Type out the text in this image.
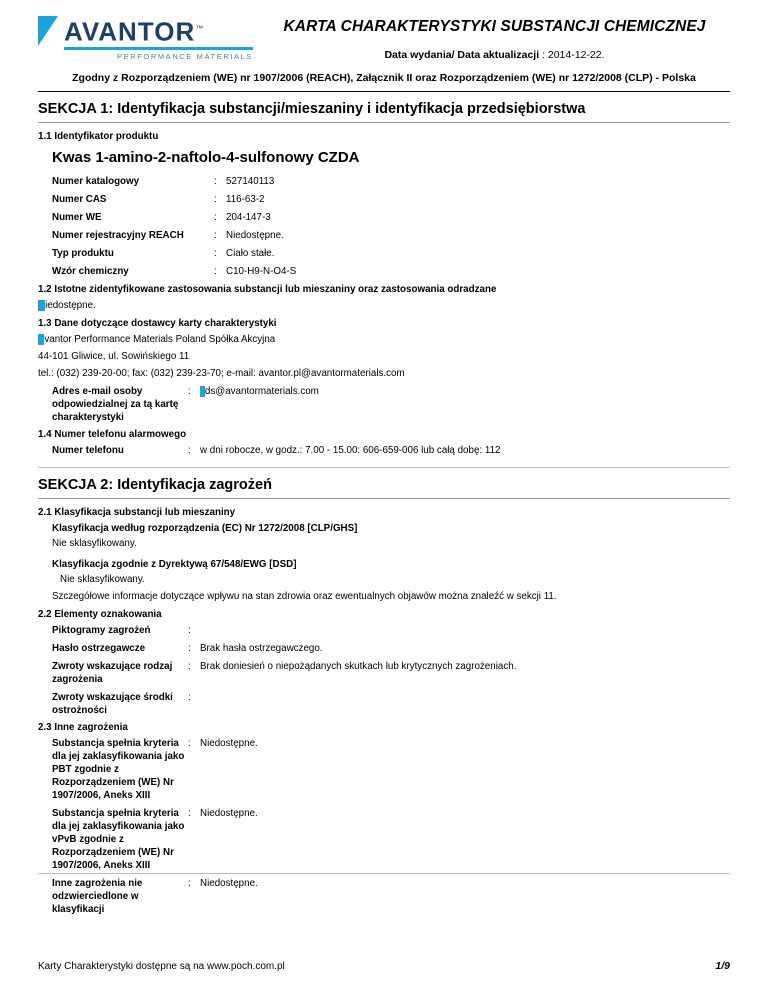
AVANTOR™
PERFORMANCE MATERIALS
KARTA CHARAKTERYSTYKI SUBSTANCJI CHEMICZNEJ
Data wydania/ Data aktualizacji : 2014-12-22.
Zgodny z Rozporządzeniem (WE) nr 1907/2006 (REACH), Załącznik II oraz Rozporządzeniem (WE) nr 1272/2008 (CLP) - Polska
SEKCJA 1: Identyfikacja substancji/mieszaniny i identyfikacja przedsiębiorstwa
1.1 Identyfikator produktu
Kwas 1-amino-2-naftolo-4-sulfonowy CZDA
Numer katalogowy	: 527140113
Numer CAS	: 116-63-2
Numer WE	: 204-147-3
Numer rejestracyjny REACH	: Niedostępne.
Typ produktu	: Ciało stałe.
Wzór chemiczny	: C10-H9-N-O4-S
1.2 Istotne zidentyfikowane zastosowania substancji lub mieszaniny oraz zastosowania odradzane
Niedostępne.
1.3 Dane dotyczące dostawcy karty charakterystyki
Avantor Performance Materials Poland Spółka Akcyjna
44-101 Gliwice, ul. Sowińskiego 11
tel.: (032) 239-20-00; fax: (032) 239-23-70; e-mail: avantor.pl@avantormaterials.com
Adres e-mail osoby odpowiedzialnej za tą kartę charakterystyki
: sds@avantormaterials.com
1.4 Numer telefonu alarmowego
Numer telefonu	: w dni robocze, w godz.: 7.00 - 15.00: 606-659-006 lub całą dobę: 112
SEKCJA 2: Identyfikacja zagrożeń
2.1 Klasyfikacja substancji lub mieszaniny
Klasyfikacja według rozporządzenia (EC) Nr 1272/2008 [CLP/GHS]
Nie sklasyfikowany.
Klasyfikacja zgodnie z Dyrektywą 67/548/EWG [DSD]
Nie sklasyfikowany.
Szczegółowe informacje dotyczące wpływu na stan zdrowia oraz ewentualnych objawów można znaleźć w sekcji 11.
2.2 Elementy oznakowania
Piktogramy zagrożeń	:
Hasło ostrzegawcze	: Brak hasła ostrzegawczego.
Zwroty wskazujące rodzaj zagrożenia
: Brak doniesień o niepożądanych skutkach lub krytycznych zagrożeniach.
Zwroty wskazujące środki ostrożności
:
2.3 Inne zagrożenia
Substancja spełnia kryteria dla jej zaklasyfikowania jako PBT zgodnie z Rozporządzeniem (WE) Nr 1907/2006, Aneks XIII
: Niedostępne.
Substancja spełnia kryteria dla jej zaklasyfikowania jako vPvB zgodnie z Rozporządzeniem (WE) Nr 1907/2006, Aneks XIII
: Niedostępne.
Inne zagrożenia nie odzwierciedlone w klasyfikacji
: Niedostępne.
Karty Charakterystyki dostępne są na www.poch.com.pl	1/9
